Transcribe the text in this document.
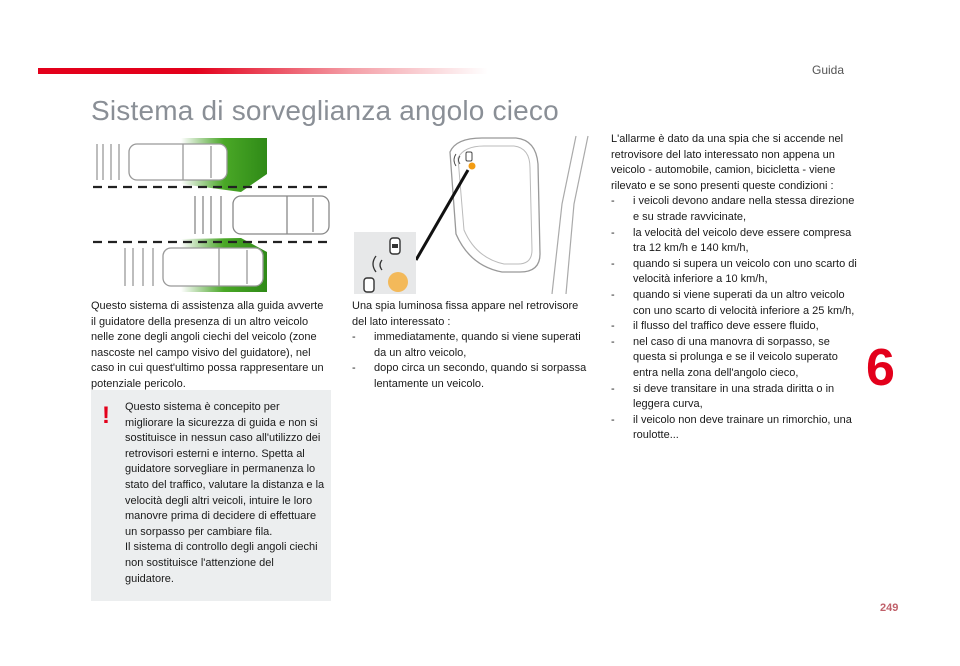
Guida
Sistema di sorveglianza angolo cieco
6
249

Questo sistema di assistenza alla guida avverte il guidatore della presenza di un altro veicolo nelle zone degli angoli ciechi del veicolo (zone nascoste nel campo visivo del guidatore), nel caso in cui quest'ultimo possa rappresentare un potenziale pericolo.

! Questo sistema è concepito per migliorare la sicurezza di guida e non si sostituisce in nessun caso all'utilizzo dei retrovisori esterni e interno. Spetta al guidatore sorvegliare in permanenza lo stato del traffico, valutare la distanza e la velocità degli altri veicoli, intuire le loro manovre prima di decidere di effettuare un sorpasso per cambiare fila.

Il sistema di controllo degli angoli ciechi non sostituisce l'attenzione del guidatore.

Una spia luminosa fissa appare nel retrovisore del lato interessato :

- immediatamente, quando si viene superati da un altro veicolo,
- dopo circa un secondo, quando si sorpassa lentamente un veicolo.

L'allarme è dato da una spia che si accende nel retrovisore del lato interessato non appena un veicolo - automobile, camion, bicicletta - viene rilevato e se sono presenti queste condizioni :

- i veicoli devono andare nella stessa direzione e su strade ravvicinate,
- la velocità del veicolo deve essere compresa tra 12 km/h e 140 km/h,
- quando si supera un veicolo con uno scarto di velocità inferiore a 10 km/h,
- quando si viene superati da un altro veicolo con uno scarto di velocità inferiore a 25 km/h,
- il flusso del traffico deve essere fluido,
- nel caso di una manovra di sorpasso, se questa si prolunga e se il veicolo superato entra nella zona dell'angolo cieco,
- si deve transitare in una strada diritta o in leggera curva,
- il veicolo non deve trainare un rimorchio, una roulotte...
